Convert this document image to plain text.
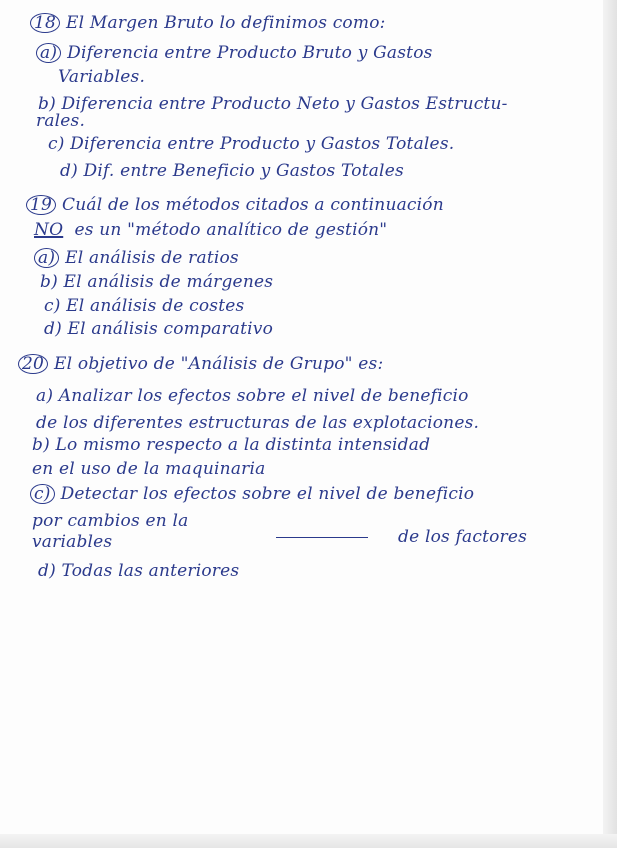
18 El Margen Bruto lo definimos como:

a) Diferencia entre Producto Bruto y Gastos

Variables.

b) Diferencia entre Producto Neto y Gastos Estructu-

rales.

c) Diferencia entre Producto y Gastos Totales.

d) Dif. entre Beneficio y Gastos Totales

19 Cuál de los métodos citados a continuación

NO es un "método analítico de gestión"

a) El análisis de ratios

b) El análisis de márgenes

c) El análisis de costes

d) El análisis comparativo

20 El objetivo de "Análisis de Grupo" es:

a) Analizar los efectos sobre el nivel de beneficio

de los diferentes estructuras de las explotaciones.

b) Lo mismo respecto a la distinta intensidad

en el uso de la maquinaria

c) Detectar los efectos sobre el nivel de beneficio

por cambios en la

de los factores

variables

d) Todas las anteriores
